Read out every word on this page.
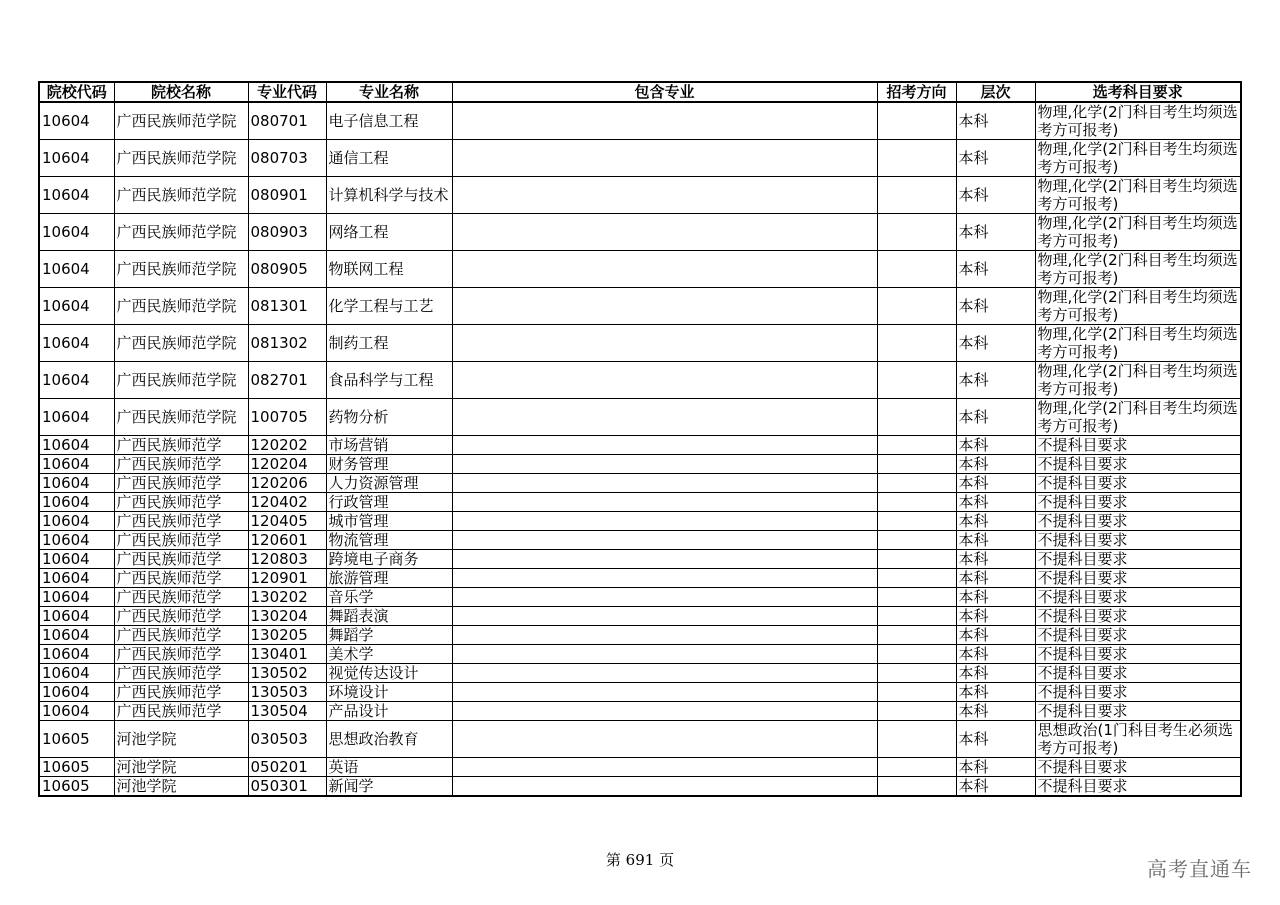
院校代码	院校名称	专业代码	专业名称	包含专业	招考方向	层次	选考科目要求
10604	广西民族师范学院	080701	电子信息工程			本科	物理,化学(2门科目考生均须选考方可报考)
10604	广西民族师范学院	080703	通信工程			本科	物理,化学(2门科目考生均须选考方可报考)
10604	广西民族师范学院	080901	计算机科学与技术			本科	物理,化学(2门科目考生均须选考方可报考)
10604	广西民族师范学院	080903	网络工程			本科	物理,化学(2门科目考生均须选考方可报考)
10604	广西民族师范学院	080905	物联网工程			本科	物理,化学(2门科目考生均须选考方可报考)
10604	广西民族师范学院	081301	化学工程与工艺			本科	物理,化学(2门科目考生均须选考方可报考)
10604	广西民族师范学院	081302	制药工程			本科	物理,化学(2门科目考生均须选考方可报考)
10604	广西民族师范学院	082701	食品科学与工程			本科	物理,化学(2门科目考生均须选考方可报考)
10604	广西民族师范学院	100705	药物分析			本科	物理,化学(2门科目考生均须选考方可报考)
10604	广西民族师范学	120202	市场营销			本科	不提科目要求
10604	广西民族师范学	120204	财务管理			本科	不提科目要求
10604	广西民族师范学	120206	人力资源管理			本科	不提科目要求
10604	广西民族师范学	120402	行政管理			本科	不提科目要求
10604	广西民族师范学	120405	城市管理			本科	不提科目要求
10604	广西民族师范学	120601	物流管理			本科	不提科目要求
10604	广西民族师范学	120803	跨境电子商务			本科	不提科目要求
10604	广西民族师范学	120901	旅游管理			本科	不提科目要求
10604	广西民族师范学	130202	音乐学			本科	不提科目要求
10604	广西民族师范学	130204	舞蹈表演			本科	不提科目要求
10604	广西民族师范学	130205	舞蹈学			本科	不提科目要求
10604	广西民族师范学	130401	美术学			本科	不提科目要求
10604	广西民族师范学	130502	视觉传达设计			本科	不提科目要求
10604	广西民族师范学	130503	环境设计			本科	不提科目要求
10604	广西民族师范学	130504	产品设计			本科	不提科目要求
10605	河池学院	030503	思想政治教育			本科	思想政治(1门科目考生必须选考方可报考)
10605	河池学院	050201	英语			本科	不提科目要求
10605	河池学院	050301	新闻学			本科	不提科目要求
第 691 页	高考直通车
